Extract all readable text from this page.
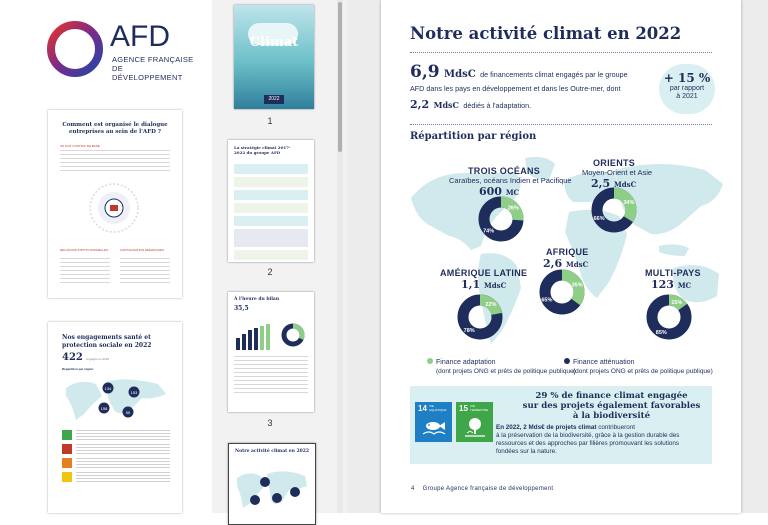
AFD
AGENCE FRANÇAISE
DE DÉVELOPPEMENT
Comment est organisé le dialogue entreprises au sein de l'AFD ?
UN FAIT CONTINU DE BASE
RELATIONS INSTITUTIONNELLES	CAPITALISATION DÉMARCHES
Nos engagements santé et protection sociale en 2022
422 engagés en 2022
Répartition par région
134
153
158
55
Climat
2022
1
La stratégie climat 2017-2022 du groupe AFD
2
À l'heure du bilan
35,5
3
Notre activité climat en 2022
Notre activité climat en 2022
6,9 MdsC de financements climat engagés par le groupe
AFD dans les pays en développement et dans les Outre-mer, dont
2,2 MdsC dédiés à l'adaptation.
+ 15 %
par rapport
à 2021
Répartition par région
TROIS OCÉANS
Caraïbes, océans Indien et Pacifique
600 MC
ORIENTS
Moyen-Orient et Asie
2,5 MdsC
AFRIQUE
2,6 MdsC
AMÉRIQUE LATINE
1,1 MdsC
MULTI-PAYS
123 MC
26%
74%
34%
66%
35%
65%
22%
78%
15%
85%
Finance adaptation
(dont projets ONG et prêts de politique publique)
Finance atténuation
(dont projets ONG et prêts de politique publique)
14 VIE AQUATIQUE	15 VIE TERRESTRE
29 % de finance climat engagée
sur des projets également favorables
à la biodiversité
En 2022, 2 Mds€ de projets climat contribueront
à la préservation de la biodiversité, grâce à la gestion durable des
ressources et des approches par filières promouvant les solutions
fondées sur la nature.
4 Groupe Agence française de développement
